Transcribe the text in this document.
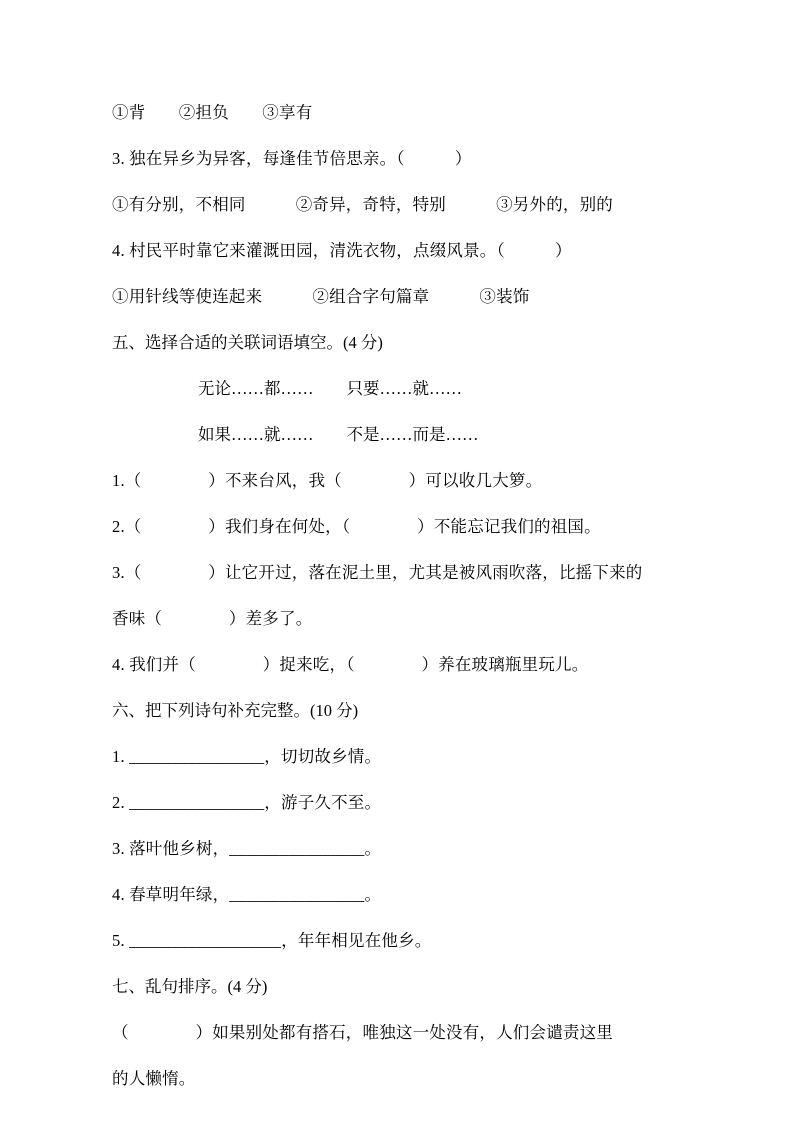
①背　　②担负　　③享有
3. 独在异乡为异客，每逢佳节倍思亲。（　　　）
①有分别，不相同　　　②奇异，奇特，特别　　　③另外的，别的
4. 村民平时靠它来灌溉田园，清洗衣物，点缀风景。（　　　）
①用针线等使连起来　　　②组合字句篇章　　　③装饰
五、选择合适的关联词语填空。(4 分)
无论……都……　　只要……就……
如果……就……　　不是……而是……
1.（　　　　）不来台风，我（　　　　）可以收几大箩。
2.（　　　　）我们身在何处，（　　　　）不能忘记我们的祖国。
3.（　　　　）让它开过，落在泥土里，尤其是被风雨吹落，比摇下来的
香味（　　　　）差多了。
4. 我们并（　　　　）捉来吃，（　　　　）养在玻璃瓶里玩儿。
六、把下列诗句补充完整。(10 分)
1. ________________，切切故乡情。
2. ________________，游子久不至。
3. 落叶他乡树，________________。
4. 春草明年绿，________________。
5. __________________，年年相见在他乡。
七、乱句排序。(4 分)
（　　　　）如果别处都有搭石，唯独这一处没有，人们会谴责这里
的人懒惰。
